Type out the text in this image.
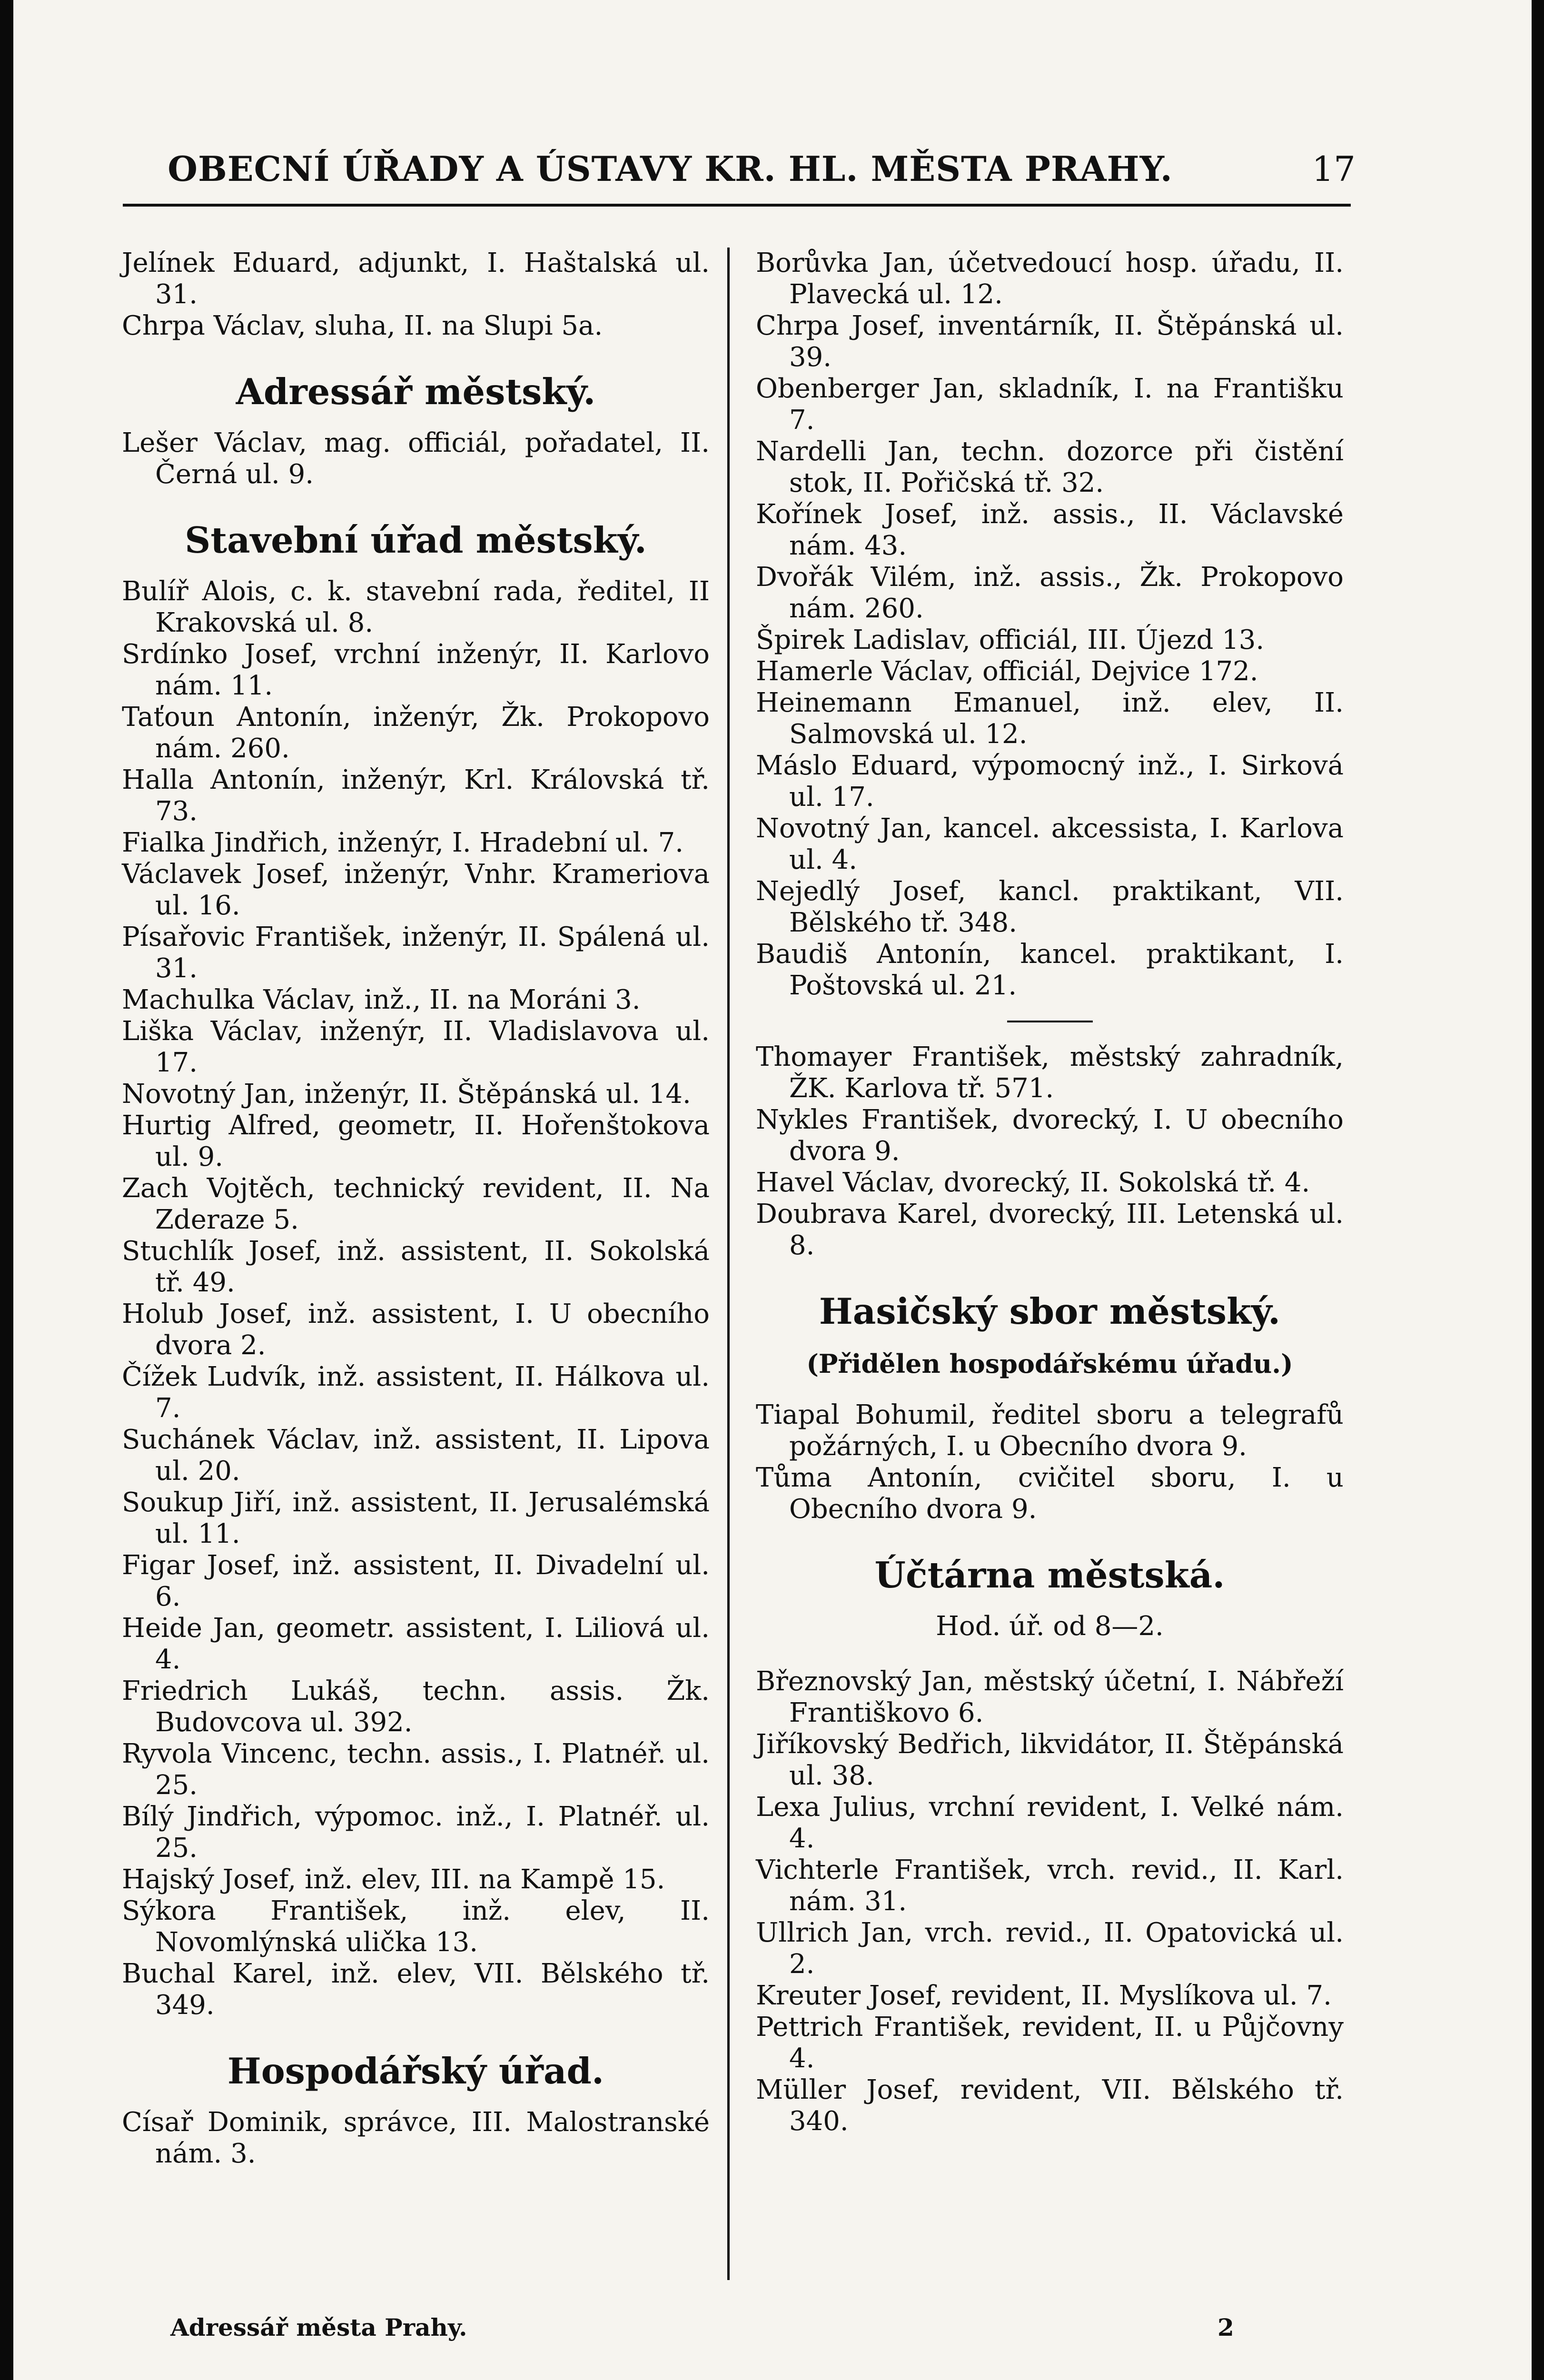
OBECNÍ ÚŘADY A ÚSTAVY KR. HL. MĚSTA PRAHY.	17

Jelínek Eduard, adjunkt, I. Haštalská ul. 31.

Chrpa Václav, sluha, II. na Slupi 5a.

Adressář městský.

Lešer Václav, mag. officiál, pořadatel, II. Černá ul. 9.

Stavební úřad městský.

Bulíř Alois, c. k. stavební rada, ředitel, II Krakovská ul. 8.

Srdínko Josef, vrchní inženýr, II. Karlovo nám. 11.

Taťoun Antonín, inženýr, Žk. Prokopovo nám. 260.

Halla Antonín, inženýr, Krl. Královská tř. 73.

Fialka Jindřich, inženýr, I. Hradební ul. 7.

Václavek Josef, inženýr, Vnhr. Krameriova ul. 16.

Písařovic František, inženýr, II. Spálená ul. 31.

Machulka Václav, inž., II. na Moráni 3.

Liška Václav, inženýr, II. Vladislavova ul. 17.

Novotný Jan, inženýr, II. Štěpánská ul. 14.

Hurtig Alfred, geometr, II. Hořenštokova ul. 9.

Zach Vojtěch, technický revident, II. Na Zderaze 5.

Stuchlík Josef, inž. assistent, II. Sokolská tř. 49.

Holub Josef, inž. assistent, I. U obecního dvora 2.

Čížek Ludvík, inž. assistent, II. Hálkova ul. 7.

Suchánek Václav, inž. assistent, II. Lipova ul. 20.

Soukup Jiří, inž. assistent, II. Jerusalémská ul. 11.

Figar Josef, inž. assistent, II. Divadelní ul. 6.

Heide Jan, geometr. assistent, I. Liliová ul. 4.

Friedrich Lukáš, techn. assis. Žk. Budovcova ul. 392.

Ryvola Vincenc, techn. assis., I. Platnéř. ul. 25.

Bílý Jindřich, výpomoc. inž., I. Platnéř. ul. 25.

Hajský Josef, inž. elev, III. na Kampě 15.

Sýkora František, inž. elev, II. Novomlýnská ulička 13.

Buchal Karel, inž. elev, VII. Bělského tř. 349.

Hospodářský úřad.

Císař Dominik, správce, III. Malostranské nám. 3.

Borůvka Jan, účetvedoucí hosp. úřadu, II. Plavecká ul. 12.

Chrpa Josef, inventárník, II. Štěpánská ul. 39.

Obenberger Jan, skladník, I. na Františku 7.

Nardelli Jan, techn. dozorce při čistění stok, II. Pořičská tř. 32.

Kořínek Josef, inž. assis., II. Václavské nám. 43.

Dvořák Vilém, inž. assis., Žk. Prokopovo nám. 260.

Špirek Ladislav, officiál, III. Újezd 13.

Hamerle Václav, officiál, Dejvice 172.

Heinemann Emanuel, inž. elev, II. Salmovská ul. 12.

Máslo Eduard, výpomocný inž., I. Sirková ul. 17.

Novotný Jan, kancel. akcessista, I. Karlova ul. 4.

Nejedlý Josef, kancl. praktikant, VII. Bělského tř. 348.

Baudiš Antonín, kancel. praktikant, I. Poštovská ul. 21.

Thomayer František, městský zahradník, ŽK. Karlova tř. 571.

Nykles František, dvorecký, I. U obecního dvora 9.

Havel Václav, dvorecký, II. Sokolská tř. 4.

Doubrava Karel, dvorecký, III. Letenská ul. 8.

Hasičský sbor městský.
(Přidělen hospodářskému úřadu.)

Tiapal Bohumil, ředitel sboru a telegrafů požárných, I. u Obecního dvora 9.

Tůma Antonín, cvičitel sboru, I. u Obecního dvora 9.

Účtárna městská.
Hod. úř. od 8—2.

Březnovský Jan, městský účetní, I. Nábřeží Františkovo 6.

Jiříkovský Bedřich, likvidátor, II. Štěpánská ul. 38.

Lexa Julius, vrchní revident, I. Velké nám. 4.

Vichterle František, vrch. revid., II. Karl. nám. 31.

Ullrich Jan, vrch. revid., II. Opatovická ul. 2.

Kreuter Josef, revident, II. Myslíkova ul. 7.

Pettrich František, revident, II. u Půjčovny 4.

Müller Josef, revident, VII. Bělského tř. 340.

Adressář města Prahy.	2
